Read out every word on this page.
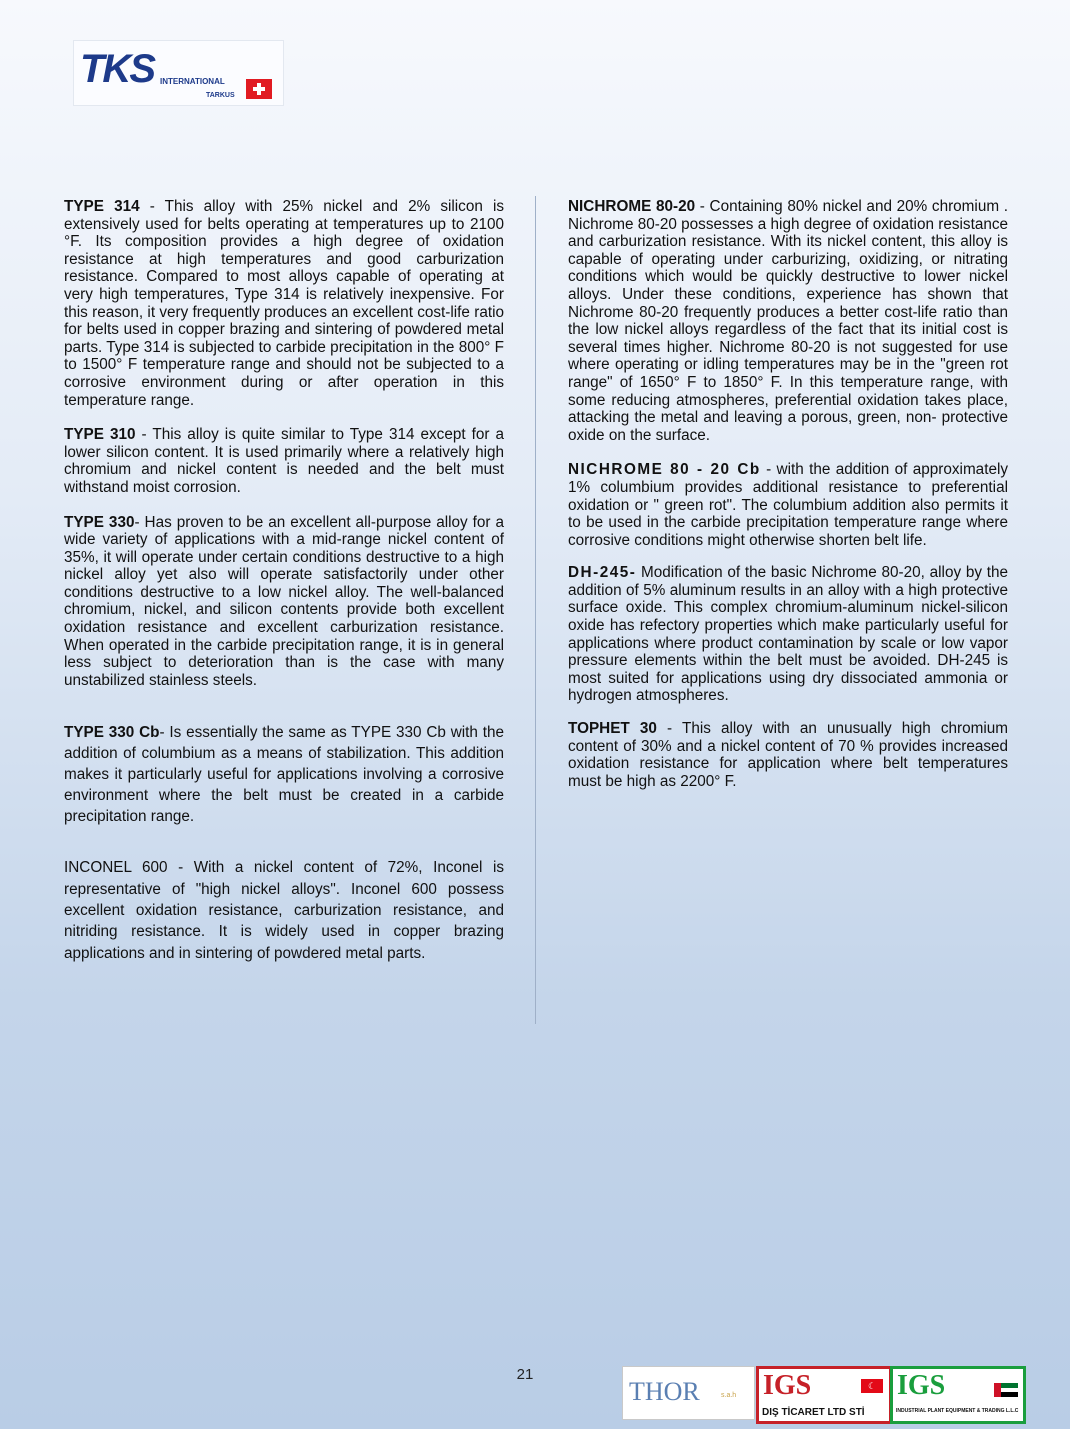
TKS INTERNATIONAL
TARKUS

TYPE 314 - This alloy with 25% nickel and 2% silicon is extensively used for belts operating at temperatures up to 2100 °F. Its composition provides a high degree of oxidation resistance at high temperatures and good carburization resistance. Compared to most alloys capable of operating at very high temperatures, Type 314 is relatively inexpensive. For this reason, it very frequently produces an excellent cost-life ratio for belts used in copper brazing and sintering of powdered metal parts. Type 314 is subjected to carbide precipitation in the 800° F to 1500° F temperature range and should not be subjected to a corrosive environment during or after operation in this temperature range.

TYPE 310 - This alloy is quite similar to Type 314 except for a lower silicon content. It is used primarily where a relatively high chromium and nickel content is needed and the belt must withstand moist corrosion.

TYPE 330- Has proven to be an excellent all-purpose alloy for a wide variety of applications with a mid-range nickel content of 35%, it will operate under certain conditions destructive to a high nickel alloy yet also will operate satisfactorily under other conditions destructive to a low nickel alloy. The well-balanced chromium, nickel, and silicon contents provide both excellent oxidation resistance and excellent carburization resistance. When operated in the carbide precipitation range, it is in general less subject to deterioration than is the case with many unstabilized stainless steels.

TYPE 330 Cb- Is essentially the same as TYPE 330 Cb with the addition of columbium as a means of stabilization. This addition makes it particularly useful for applications involving a corrosive environment where the belt must be created in a carbide precipitation range.

INCONEL 600 - With a nickel content of 72%, Inconel is representative of "high nickel alloys". Inconel 600 possess excellent oxidation resistance, carburization resistance, and nitriding resistance. It is widely used in copper brazing applications and in sintering of powdered metal parts.

NICHROME 80-20 - Containing 80% nickel and 20% chromium . Nichrome 80-20 possesses a high degree of oxidation resistance and carburization resistance. With its nickel content, this alloy is capable of operating under carburizing, oxidizing, or nitrating conditions which would be quickly destructive to lower nickel alloys. Under these conditions, experience has shown that Nichrome 80-20 frequently produces a better cost-life ratio than the low nickel alloys regardless of the fact that its initial cost is several times higher. Nichrome 80-20 is not suggested for use where operating or idling temperatures may be in the "green rot range" of 1650° F to 1850° F. In this temperature range, with some reducing atmospheres, preferential oxidation takes place, attacking the metal and leaving a porous, green, non- protective oxide on the surface.

NICHROME 80 - 20 Cb - with the addition of approximately 1% columbium provides additional resistance to preferential oxidation or " green rot". The columbium addition also permits it to be used in the carbide precipitation temperature range where corrosive conditions might otherwise shorten belt life.

DH-245- Modification of the basic Nichrome 80-20, alloy by the addition of 5% aluminum results in an alloy with a high protective surface oxide. This complex chromium-aluminum nickel-silicon oxide has refectory properties which make particularly useful for applications where product contamination by scale or low vapor pressure elements within the belt must be avoided. DH-245 is most suited for applications using dry dissociated ammonia or hydrogen atmospheres.

TOPHET 30 - This alloy with an unusually high chromium content of 30% and a nickel content of 70 % provides increased oxidation resistance for application where belt temperatures must be high as 2200° F.

21
THOR	s.a.h IGS	☾
DIŞ TİCARET LTD STİ
IGS
INDUSTRIAL PLANT EQUIPMENT & TRADING L.L.C
